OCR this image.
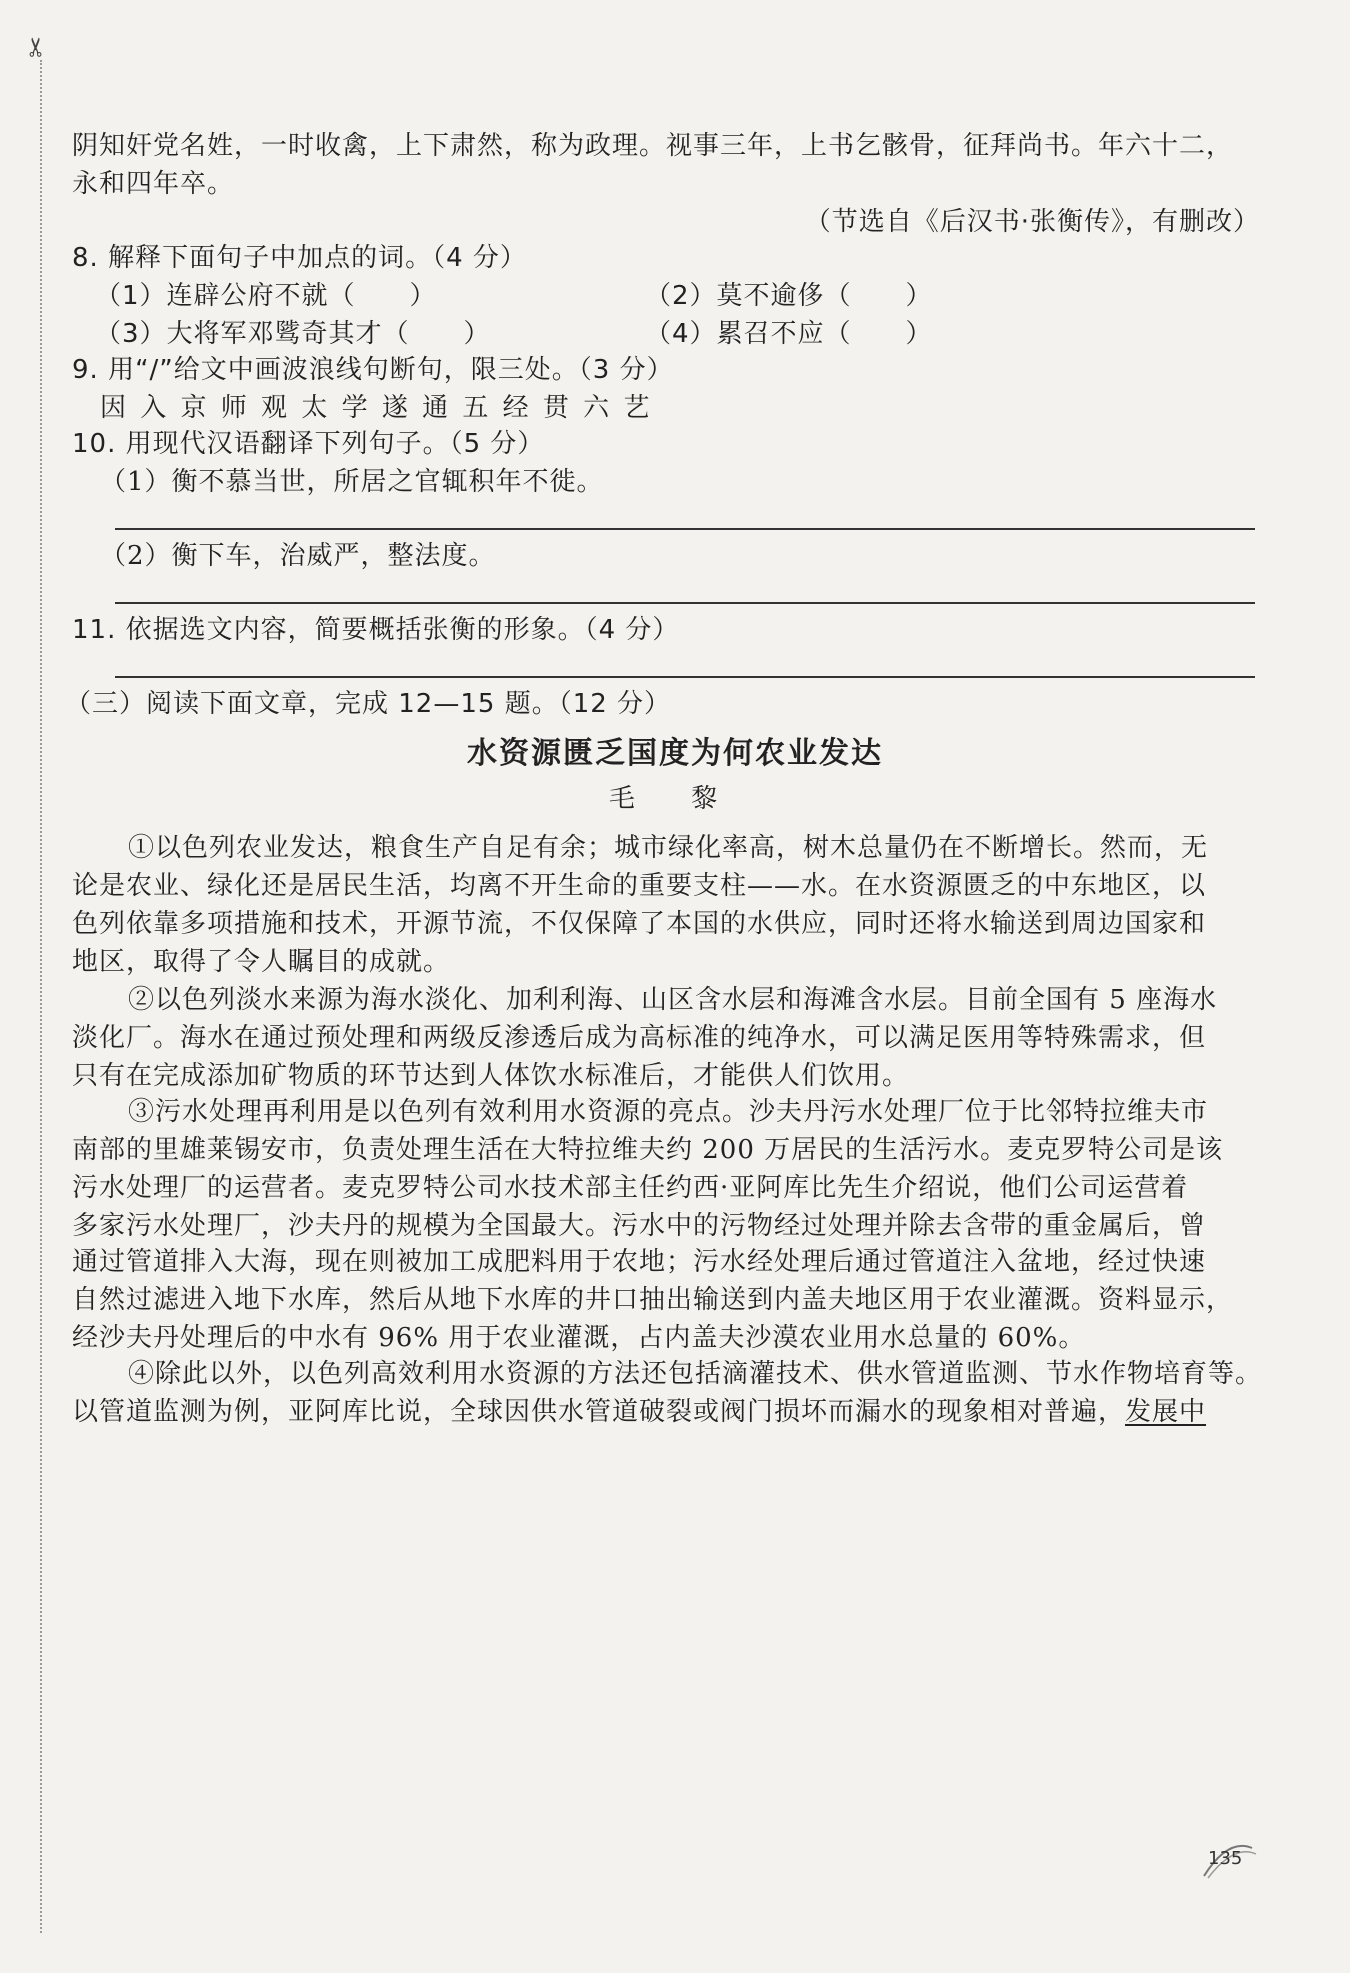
✂
阴知奸党名姓，一时收禽，上下肃然，称为政理。视事三年，上书乞骸骨，征拜尚书。年六十二，
永和四年卒。
（节选自《后汉书·张衡传》，有删改）
8. 解释下面句子中加点的词。（4 分）
（1）连辟公府不就（　　）	（2）莫不逾侈（　　）
（3）大将军邓骘奇其才（　　）	（4）累召不应（　　）
9. 用“/”给文中画波浪线句断句，限三处。（3 分）
因 入 京 师 观 太 学 遂 通 五 经 贯 六 艺
10. 用现代汉语翻译下列句子。（5 分）
（1）衡不慕当世，所居之官辄积年不徙。
（2）衡下车，治威严，整法度。
11. 依据选文内容，简要概括张衡的形象。（4 分）
（三）阅读下面文章，完成 12—15 题。（12 分）
水资源匮乏国度为何农业发达
毛 黎
①以色列农业发达，粮食生产自足有余；城市绿化率高，树木总量仍在不断增长。然而，无
论是农业、绿化还是居民生活，均离不开生命的重要支柱——水。在水资源匮乏的中东地区，以
色列依靠多项措施和技术，开源节流，不仅保障了本国的水供应，同时还将水输送到周边国家和
地区，取得了令人瞩目的成就。
②以色列淡水来源为海水淡化、加利利海、山区含水层和海滩含水层。目前全国有 5 座海水
淡化厂。海水在通过预处理和两级反渗透后成为高标准的纯净水，可以满足医用等特殊需求，但
只有在完成添加矿物质的环节达到人体饮水标准后，才能供人们饮用。
③污水处理再利用是以色列有效利用水资源的亮点。沙夫丹污水处理厂位于比邻特拉维夫市
南部的里雄莱锡安市，负责处理生活在大特拉维夫约 200 万居民的生活污水。麦克罗特公司是该
污水处理厂的运营者。麦克罗特公司水技术部主任约西·亚阿库比先生介绍说，他们公司运营着
多家污水处理厂，沙夫丹的规模为全国最大。污水中的污物经过处理并除去含带的重金属后，曾
通过管道排入大海，现在则被加工成肥料用于农地；污水经处理后通过管道注入盆地，经过快速
自然过滤进入地下水库，然后从地下水库的井口抽出输送到内盖夫地区用于农业灌溉。资料显示，
经沙夫丹处理后的中水有 96% 用于农业灌溉，占内盖夫沙漠农业用水总量的 60%。
④除此以外，以色列高效利用水资源的方法还包括滴灌技术、供水管道监测、节水作物培育等。
以管道监测为例，亚阿库比说，全球因供水管道破裂或阀门损坏而漏水的现象相对普遍，发展中
135
